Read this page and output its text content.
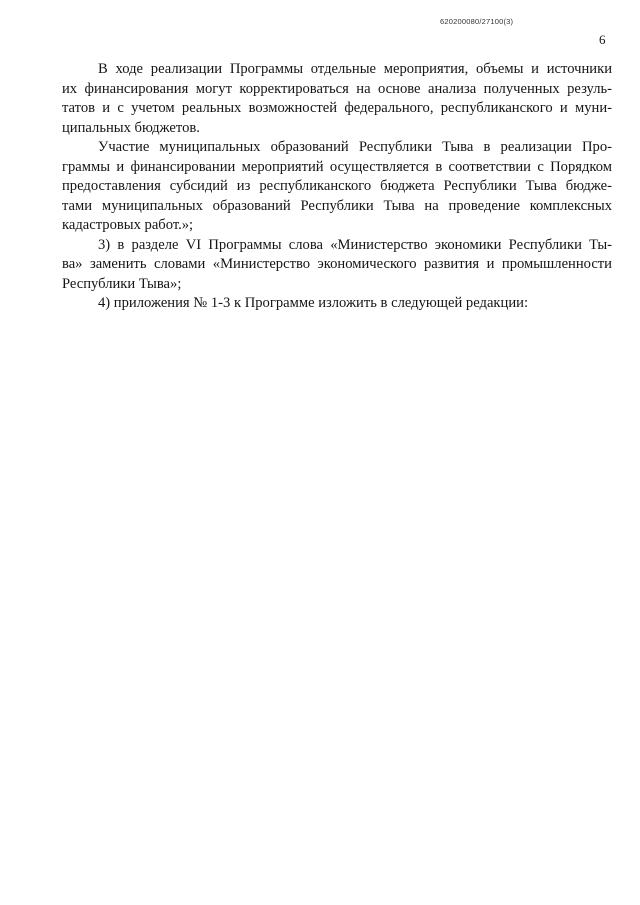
620200080/27100(3)
6
В ходе реализации Программы отдельные мероприятия, объемы и источники
их финансирования могут корректироваться на основе анализа полученных резуль-
татов и с учетом реальных возможностей федерального, республиканского и муни-
ципальных бюджетов.
Участие муниципальных образований Республики Тыва в реализации Про-
граммы и финансировании мероприятий осуществляется в соответствии с Порядком
предоставления субсидий из республиканского бюджета Республики Тыва бюдже-
тами муниципальных образований Республики Тыва на проведение комплексных
кадастровых работ.»;
3) в разделе VI Программы слова «Министерство экономики Республики Ты-
ва» заменить словами «Министерство экономического развития и промышленности
Республики Тыва»;
4) приложения № 1-3 к Программе изложить в следующей редакции:
